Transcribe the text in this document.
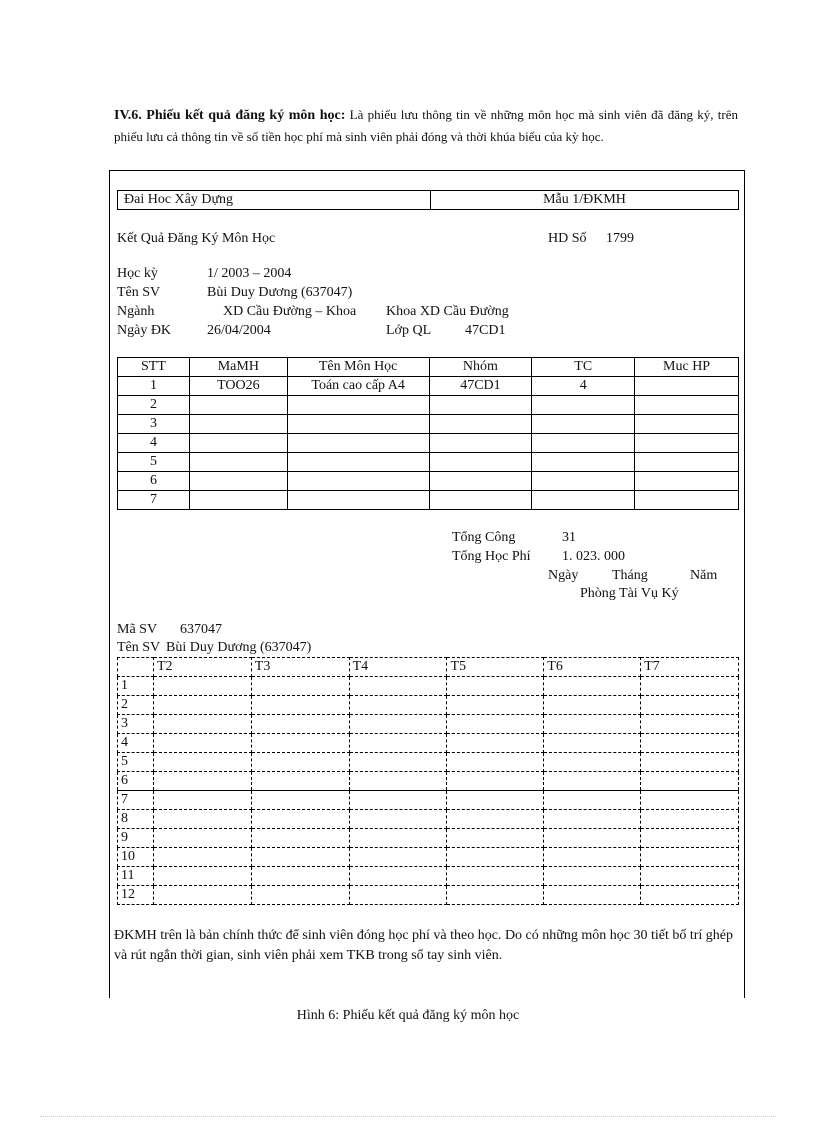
IV.6. Phiếu kết quả đăng ký môn học: Là phiếu lưu thông tin về những môn học mà sinh viên đã đăng ký, trên phiếu lưu cả thông tin về số tiền học phí mà sinh viên phải đóng và thời khúa biểu của kỳ học.

Đai Hoc Xây Dựng	Mẫu 1/ĐKMH
Kết Quả Đăng Ký Môn Học	HD Số 1799
Học kỳ	1/ 2003 – 2004
Tên SV	Bùi Duy Dương (637047)
Ngành	XD Cầu Đường – Khoa Khoa XD Cầu Đường
Ngày ĐK	26/04/2004	Lớp QL 47CD1
STT	MaMH	Tên Môn Học	Nhóm	TC	Muc HP
1	TOO26	Toán cao cấp A4	47CD1	4	
2					
3					
4					
5					
6					
7					
Tổng Công	31
Tổng Học Phí 1. 023. 000
Ngày Tháng	Năm
Phòng Tài Vụ Ký
Mã SV 637047
Tên SV Bùi Duy Dương (637047)
	T2	T3	T4	T5	T6	T7
1						
2						
3						
4						
5						
6						
7						
8						
9						
10						
11						
12						
ĐKMH trên là bản chính thức để sinh viên đóng học phí và theo học. Do có những môn học 30 tiết bố trí ghép và rút ngắn thời gian, sinh viên phải xem TKB trong sổ tay sinh viên.
Hình 6: Phiếu kết quả đăng ký môn học
